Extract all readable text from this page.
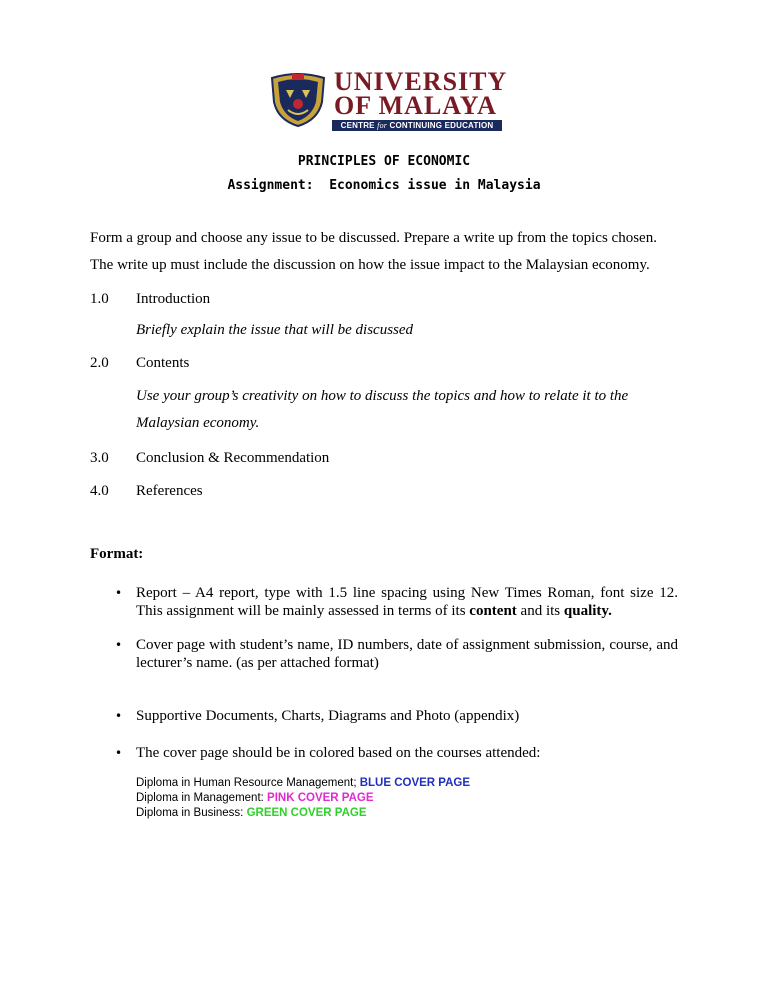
UNIVERSITY
OF MALAYA
CENTRE for CONTINUING EDUCATION
PRINCIPLES OF ECONOMIC
Assignment:  Economics issue in Malaysia
Form a group and choose any issue to be discussed. Prepare a write up from the topics chosen.
The write up must include the discussion on how the issue impact to the Malaysian economy.
1.0 Introduction
Briefly explain the issue that will be discussed
2.0 Contents
Use your group’s creativity on how to discuss the topics and how to relate it to the
Malaysian economy.
3.0 Conclusion & Recommendation
4.0 References
Format:
• Report – A4 report, type with 1.5 line spacing using New Times Roman, font size 12. This assignment will be mainly assessed in terms of its content and its quality.
• Cover page with student’s name, ID numbers, date of assignment submission, course, and lecturer’s name. (as per attached format)
• Supportive Documents, Charts, Diagrams and Photo (appendix)
• The cover page should be in colored based on the courses attended:
Diploma in Human Resource Management; BLUE COVER PAGE
Diploma in Management: PINK COVER PAGE
Diploma in Business: GREEN COVER PAGE
